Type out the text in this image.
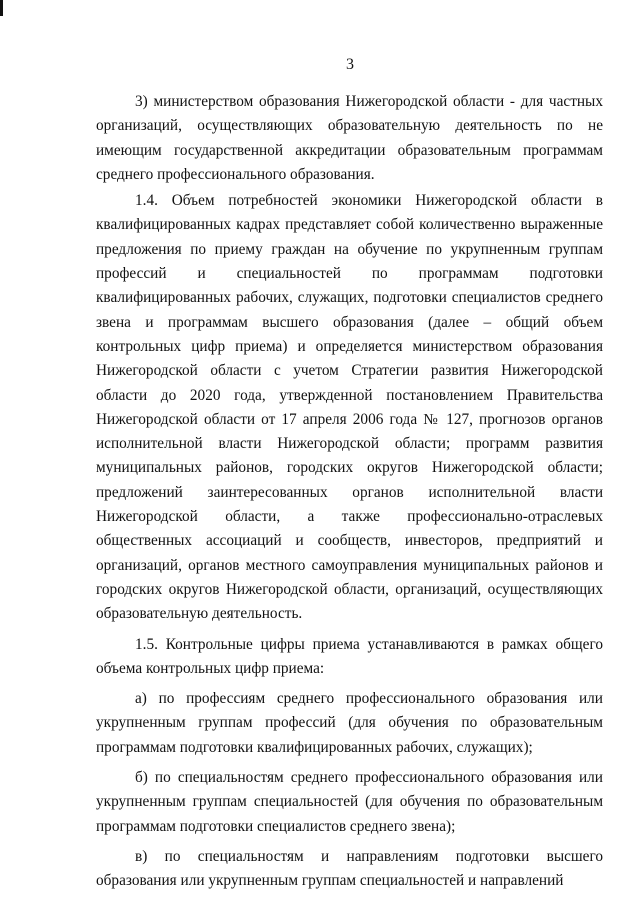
3

3) министерством образования Нижегородской области - для частных организаций, осуществляющих образовательную деятельность по не имеющим государственной аккредитации образовательным программам среднего профессионального образования.

1.4. Объем потребностей экономики Нижегородской области в квалифицированных кадрах представляет собой количественно выраженные предложения по приему граждан на обучение по укрупненным группам профессий и специальностей по программам подготовки квалифицированных рабочих, служащих, подготовки специалистов среднего звена и программам высшего образования (далее – общий объем контрольных цифр приема) и определяется министерством образования Нижегородской области с учетом Стратегии развития Нижегородской области до 2020 года, утвержденной постановлением Правительства Нижегородской области от 17 апреля 2006 года № 127, прогнозов органов исполнительной власти Нижегородской области; программ развития муниципальных районов, городских округов Нижегородской области; предложений заинтересованных органов исполнительной власти Нижегородской области, а также профессионально-отраслевых общественных ассоциаций и сообществ, инвесторов, предприятий и организаций, органов местного самоуправления муниципальных районов и городских округов Нижегородской области, организаций, осуществляющих образовательную деятельность.

1.5. Контрольные цифры приема устанавливаются в рамках общего объема контрольных цифр приема:

а) по профессиям среднего профессионального образования или укрупненным группам профессий (для обучения по образовательным программам подготовки квалифицированных рабочих, служащих);

б) по специальностям среднего профессионального образования или укрупненным группам специальностей (для обучения по образовательным программам подготовки специалистов среднего звена);

в) по специальностям и направлениям подготовки высшего образования или укрупненным группам специальностей и направлений
